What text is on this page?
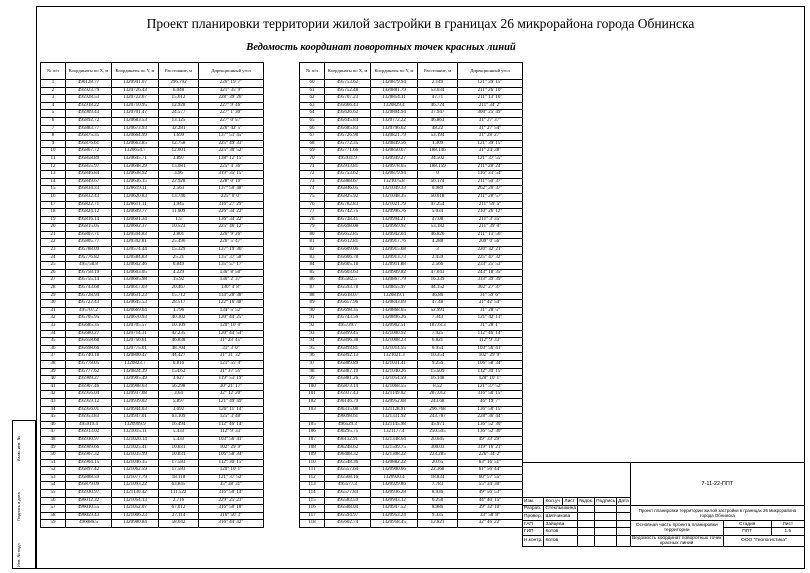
Проект планировки территории жилой застройки в границах 26 микрорайона города Обнинска
Ведомость координат поворотных точек красных линий
Инв. № подл.
Подпись и дата
Взам. инв. №
№ п/п	Координаты по X, м	Координаты по Y, м	Расстояние, м	Дирекционный угол
1	496128.77	1320941.07	296.792	226° 19' 7"
2	495923.79	1320726.43	6.048	321° 35' 9"
3	495928.53	1320722.67	15.612	228° 39' 26"
4	495918.22	1320710.95	12.928	227° 9' 46"
5	495909.43	1320701.47	24.577	227° 1' 30"
6	495892.72	1320683.53	13.125	227° 0' 57"
7	495883.77	1320673.93	32.281	226° 42' 5"
8	495875.35	1320664.99	1.699	137° 51' 45"
9	495876.61	1320663.85	12.758	225° 49' 33"
10	495867.72	1320654.7	12.601	225° 30' 52"
11	495858.89	1320645.71	3.897	138° 12' 15"
12	495855.97	1320648.29	13.081	225° 4' 36"
13	495846.84	1320638.92	3.96	319° 35' 15"
14	495849.67	1320636.15	22.928	228° 0' 19"
15	495834.33	1320619.11	2.563	137° 50' 48"
16	495832.43	1320620.83	13.746	225° 0' 0"
17	495822.71	1320611.11	1.945	316° 27' 29"
18	495824.12	1320609.77	11.609	226° 34' 22"
19	495816.14	1320601.34	1.5	136° 34' 22"
20	495815.05	1320602.37	10.523	225° 46' 12"
21	495807.71	1320594.83	2.801	226° 9' 26"
22	495805.77	1320592.81	25.496	226° 5' 47"
23	495788.09	1320574.44	15.329	137° 19' 36"
24	495776.82	1320584.83	25.21	135° 37' 58"
25	495758.8	1320602.46	0.849	135° 57' 17"
26	495758.19	1320603.05	4.229	136° 8' 50"
27	495755.14	1320605.98	15.92	136° 2' 37"
28	495743.68	1320617.03	20.467	136° 4' 8"
29	495728.94	1320631.23	15.712	114° 28' 38"
30	495722.43	1320645.53	28.517	122° 16' 48"
31	495707.2	1320669.64	1.796	134° 5' 52"
32	495705.95	1320670.93	40.302	120° 44' 25"
33	495685.35	1320705.57	10.109	120° 10' 0"
34	495680.27	1320714.31	42.235	120° 44' 54"
35	495658.68	1320750.61	46.838	31° 23' 45"
36	495698.66	1320775.01	48.704	31° 3' 0"
37	495740.18	1320800.47	44.427	31° 31' 32"
38	495778.05	1320823.7	0.816	121° 55' 4"
39	495777.62	1320824.39	154.62	31° 37' 55"
40	495909.27	1320905.49	3.627	119° 53' 19"
41	495907.46	1320908.63	56.298	30° 21' 17"
42	495956.04	1320937.08	3.64	32° 12' 20"
43	495959.12	1320939.02	5.897	121° 49' 49"
44	495956.01	1320944.03	3.692	126° 11' 14"
45	495953.83	1320947.01	63.109	125° 3' 48"
46	495919.4	1320999.9	16.494	112° 46' 14"
47	495913.02	1321015.11	5.433	112° 9' 33"
48	495910.97	1321020.14	5.433	103° 56' 41"
49	495909.66	1321025.41	10.831	102° 29' 9"
50	495907.32	1321035.99	10.831	106° 58' 34"
51	495904.15	1321046.35	17.583	112° 30' 15"
52	495897.42	1321062.59	17.583	120° 10' 1"
53	495888.59	1321077.79	18.118	121° 37' 52"
54	495879.09	1321093.22	63.845	35° 38' 31"
55	495930.97	1321130.42	111.522	316° 50' 14"
56	496012.32	1321054.13	2.716	229° 25' 23"
57	496010.55	1321052.07	67.012	316° 50' 18"
58	496059.43	1321006.23	37.114	316° 50' 3"
59	496086.5	1320980.84	58.042	316° 44' 42"
№ п/п	Координаты по X, м	Координаты по Y, м	Расстояние, м	Дирекционный угол
60	495753.62	1320879.94	2.149	121° 39' 15"
61	495752.48	1320881.79	53.034	211° 26' 10"
62	495707.23	1320854.11	47.71	211° 13' 16"
63	495666.43	1320829.4	46.724	211° 34' 2"
64	495626.62	1320804.94	37.947	300° 25' 49"
65	495645.84	1320772.22	46.863	31° 27' 37"
66	495685.83	1320796.62	48.22	31° 27' 54"
67	495726.98	1320821.79	53.194	31° 28' 27"
68	495772.35	1320849.56	1.309	121° 39' 15"
69	495771.66	1320850.67	188.146	31° 24' 38"
70	495931.9	1320949.27	34.502	121° 37' 55"
71	495913.81	1320978.65	188.159	211° 28' 24"
72	495753.62	1320879.94	0	116° 33' 54"
73	495888.67	1321075.8	50.174	211° 50' 37"
74	495846.05	1321049.33	0.989	262° 20' 37"
75	495825.92	1321048.35	50.618	211° 28' 57"
76	495782.83	1321021.79	47.254	211° 59' 5"
77	495742.75	1320996.76	5.034	210° 26' 12"
78	495738.41	1320994.21	47.08	211° 3' 35"
79	495698.08	1320969.92	53.182	211° 39' 0"
80	495652.85	1320942.04	46.826	211° 13' 56"
81	495612.81	1320917.76	4.288	209° 0' 56"
82	495609.06	1320915.68	3	220° 32' 21"
83	495606.78	1320913.73	2.459	225° 47' 32"
84	495605.18	1320911.88	2.566	233° 25' 53"
85	495603.63	1320909.82	47.043	243° 18' 35"
86	495582.5	1320867.79	16.339	313° 39' 39"
87	495593.78	1320855.97	44.152	302° 27' 37"
88	495618.07	1320819.1	46.86	31° 59' 6"
89	495657.96	1320843.69	47.48	31° 42' 54"
90	495698.35	1320868.65	52.991	31° 28' 5"
91	495743.56	1320896.26	7.343	121° 42' 11"
92	495739.7	1320902.51	187.613	31° 28' 1"
93	495899.45	1321000.92	7.925	112° 46' 14"
94	495896.38	1321008.23	6.821	112° 9' 33"
95	495893.81	1321014.55	6.954	103° 56' 41"
96	495892.13	1321021.3	10.354	102° 29' 9"
97	495889.89	1321031.41	9.256	106° 58' 34"
98	495887.19	1321040.26	15.509	112° 30' 15"
99	495881.26	1321054.59	16.148	120° 10' 1"
100	495873.14	1321068.55	8.52	121° 37' 52"
101	495937.43	1321149.02	287.012	316° 50' 15"
102	496146.79	1320952.68	243.68	46° 19' 7"
103	496315.08	1321128.91	296.768	136° 50' 15"
	496098.61	1321331.92	243.787	228° 36' 44"
105	496529.3	1321145.98	45.971	136° 52' 30"
106	496295.75	1321177.4	250.505	136° 52' 30"
107	496112.91	1321348.64	20.645	49° 33' 29"
108	496248.62	1321509.75	300.03	319° 16' 21"
109	496488.32	1321308.22	223.285	226° 34' 2"
110	495548.36	1320882.22	20.65	63° 16' 51"
111	495557.64	1320900.66	22.368	61° 56' 44"
112	495568.16	1320920.4	18.834	60° 57' 55"
113	495577.3	1320929.86	7.783	55° 34' 30"
114	495577.84	1320936.28	8.936	49° 56' 53"
115	495583.59	1320943.12	6.258	44° 40' 15"
116	495588.04	1320947.52	8.986	39° 32' 10"
117	495594.97	1320953.24	9.335	33° 58' 8"
118	495602.74	1320958.45	12.821	32° 46' 22"
						7-11-22-ППТ		
Изм.	Кол.уч	Лист	№док.	Подпись	Дата			
Разраб.	Стеклышкина					Проект планировки территории жилой застройки в границах 26 микрорайона города Обнинска		
Провер.	Шипчикова							
ГАП	Зайцева					Основная часть проекта планировки территории	Стадия	Лист
ГИП	Котов						ППТ	1.5
Н.контр.	Котов					Ведомость координат поворотных точек красных линий	ООО "Геологистика"	
